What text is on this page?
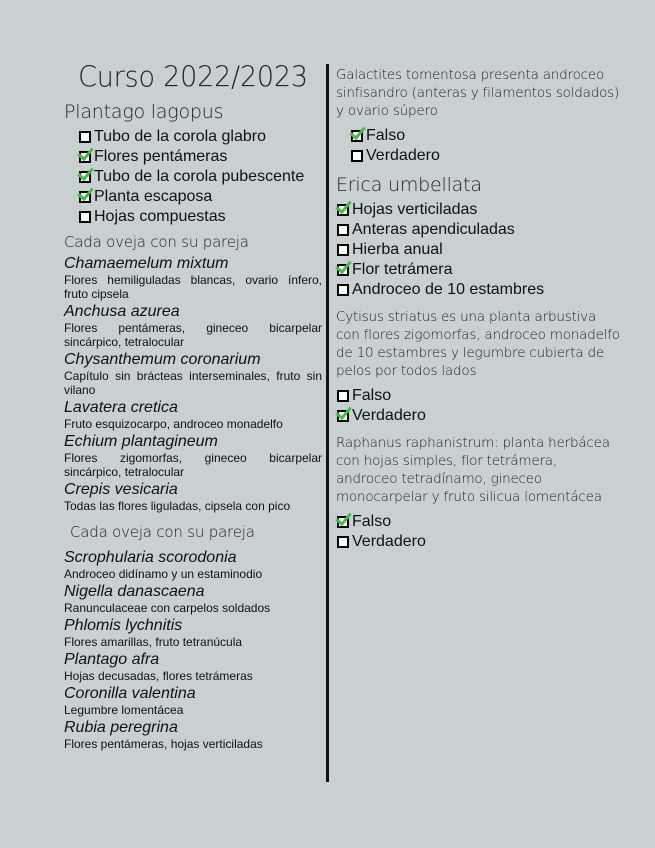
Curso 2022/2023
Plantago lagopus
Tubo de la corola glabro
Flores pentámeras
Tubo de la corola pubescente
Planta escaposa
Hojas compuestas
Cada oveja con su pareja
Chamaemelum mixtum
Flores hemiliguladas blancas, ovario ínfero, fruto cipsela
Anchusa azurea
Flores pentámeras, gineceo bicarpelar sincárpico, tetralocular
Chysanthemum coronarium
Capítulo sin brácteas interseminales, fruto sin vilano
Lavatera cretica
Fruto esquizocarpo, androceo monadelfo
Echium plantagineum
Flores zigomorfas, gineceo bicarpelar sincárpico, tetralocular
Crepis vesicaria
Todas las flores liguladas, cipsela con pico
Cada oveja con su pareja
Scrophularia scorodonia
Androceo didínamo y un estaminodio
Nigella danascaena
Ranunculaceae con carpelos soldados
Phlomis lychnitis
Flores amarillas, fruto tetranúcula
Plantago afra
Hojas decusadas, flores tetrámeras
Coronilla valentina
Legumbre lomentácea
Rubia peregrina
Flores pentámeras, hojas verticiladas
Galactites tomentosa presenta androceo sinfisandro (anteras y filamentos soldados) y ovario súpero
Falso
Verdadero
Erica umbellata
Hojas verticiladas
Anteras apendiculadas
Hierba anual
Flor tetrámera
Androceo de 10 estambres
Cytisus striatus es una planta arbustiva con flores zigomorfas, androceo monadelfo de 10 estambres y legumbre cubierta de pelos por todos lados
Falso
Verdadero
Raphanus raphanistrum: planta herbácea con hojas simples, flor tetrámera, androceo tetradínamo, gineceo monocarpelar y fruto silicua lomentácea
Falso
Verdadero
